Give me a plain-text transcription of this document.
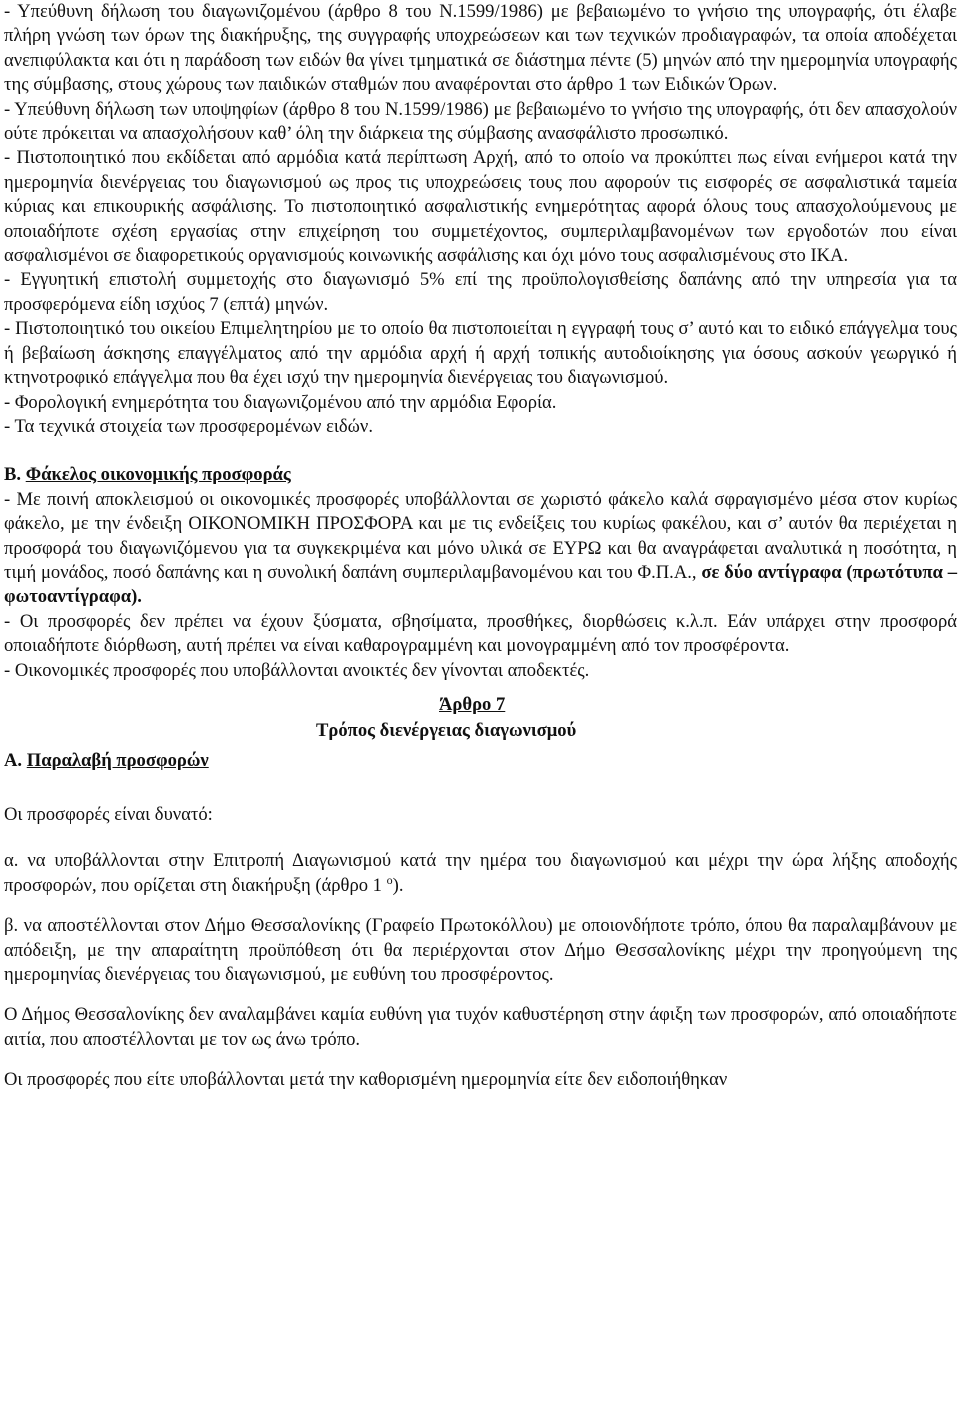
- Υπεύθυνη δήλωση του διαγωνιζομένου (άρθρο 8 του Ν.1599/1986) με βεβαιωμένο το γνήσιο της υπογραφής, ότι έλαβε πλήρη γνώση των όρων της διακήρυξης, της συγγραφής υποχρεώσεων και των τεχνικών προδιαγραφών, τα οποία αποδέχεται ανεπιφύλακτα και ότι η παράδοση των ειδών θα γίνει τμηματικά σε διάστημα πέντε (5) μηνών από την ημερομηνία υπογραφής της σύμβασης, στους χώρους των παιδικών σταθμών που αναφέρονται στο άρθρο 1 των Ειδικών Όρων.

- Υπεύθυνη δήλωση των υποψηφίων (άρθρο 8 του Ν.1599/1986) με βεβαιωμένο το γνήσιο της υπογραφής, ότι δεν απασχολούν ούτε πρόκειται να απασχολήσουν καθ’ όλη την διάρκεια της σύμβασης ανασφάλιστο προσωπικό.

- Πιστοποιητικό που εκδίδεται από αρμόδια κατά περίπτωση Αρχή, από το οποίο να προκύπτει πως είναι ενήμεροι κατά την ημερομηνία διενέργειας του διαγωνισμού ως προς τις υποχρεώσεις τους που αφορούν τις εισφορές σε ασφαλιστικά ταμεία κύριας και επικουρικής ασφάλισης. Το πιστοποιητικό ασφαλιστικής ενημερότητας αφορά όλους τους απασχολούμενους με οποιαδήποτε σχέση εργασίας στην επιχείρηση του συμμετέχοντος, συμπεριλαμβανομένων των εργοδοτών που είναι ασφαλισμένοι σε διαφορετικούς οργανισμούς κοινωνικής ασφάλισης και όχι μόνο τους ασφαλισμένους στο ΙΚΑ.

- Εγγυητική επιστολή συμμετοχής στο διαγωνισμό 5% επί της προϋπολογισθείσης δαπάνης από την υπηρεσία για τα προσφερόμενα είδη ισχύος 7 (επτά) μηνών.

- Πιστοποιητικό του οικείου Επιμελητηρίου με το οποίο θα πιστοποιείται η εγγραφή τους σ’ αυτό και το ειδικό επάγγελμα τους ή βεβαίωση άσκησης επαγγέλματος από την αρμόδια αρχή ή αρχή τοπικής αυτοδιοίκησης για όσους ασκούν γεωργικό ή κτηνοτροφικό επάγγελμα που θα έχει ισχύ την ημερομηνία διενέργειας του διαγωνισμού.

- Φορολογική ενημερότητα του διαγωνιζομένου από την αρμόδια Εφορία.

- Τα τεχνικά στοιχεία των προσφερομένων ειδών.

Β. Φάκελος οικονομικής προσφοράς

- Με ποινή αποκλεισμού οι οικονομικές προσφορές υποβάλλονται σε χωριστό φάκελο καλά σφραγισμένο μέσα στον κυρίως φάκελο, με την ένδειξη ΟΙΚΟΝΟΜΙΚΗ ΠΡΟΣΦΟΡΑ και με τις ενδείξεις του κυρίως φακέλου, και σ’ αυτόν θα περιέχεται η προσφορά του διαγωνιζόμενου για τα συγκεκριμένα και μόνο υλικά σε ΕΥΡΩ και θα αναγράφεται αναλυτικά η ποσότητα, η τιμή μονάδος, ποσό δαπάνης και η συνολική δαπάνη συμπεριλαμβανομένου και του Φ.Π.Α., σε δύο αντίγραφα (πρωτότυπα – φωτοαντίγραφα).

- Οι προσφορές δεν πρέπει να έχουν ξύσματα, σβησίματα, προσθήκες, διορθώσεις κ.λ.π. Εάν υπάρχει στην προσφορά οποιαδήποτε διόρθωση, αυτή πρέπει να είναι καθαρογραμμένη και μονογραμμένη από τον προσφέροντα.

- Οικονομικές προσφορές που υποβάλλονται ανοικτές δεν γίνονται αποδεκτές.

Άρθρο 7
Τρόπος διενέργειας διαγωνισμού
Α. Παραλαβή προσφορών

Οι προσφορές είναι δυνατό:

α. να υποβάλλονται στην Επιτροπή Διαγωνισμού κατά την ημέρα του διαγωνισμού και μέχρι την ώρα λήξης αποδοχής προσφορών, που ορίζεται στη διακήρυξη (άρθρο 1 $^o$).

β. να αποστέλλονται στον Δήμο Θεσσαλονίκης (Γραφείο Πρωτοκόλλου) με οποιονδήποτε τρόπο, όπου θα παραλαμβάνουν με απόδειξη, με την απαραίτητη προϋπόθεση ότι θα περιέρχονται στον Δήμο Θεσσαλονίκης μέχρι την προηγούμενη της ημερομηνίας διενέργειας του διαγωνισμού, με ευθύνη του προσφέροντος.

Ο Δήμος Θεσσαλονίκης δεν αναλαμβάνει καμία ευθύνη για τυχόν καθυστέρηση στην άφιξη των προσφορών, από οποιαδήποτε αιτία, που αποστέλλονται με τον ως άνω τρόπο.

Οι προσφορές που είτε υποβάλλονται μετά την καθορισμένη ημερομηνία είτε δεν ειδοποιήθηκαν
